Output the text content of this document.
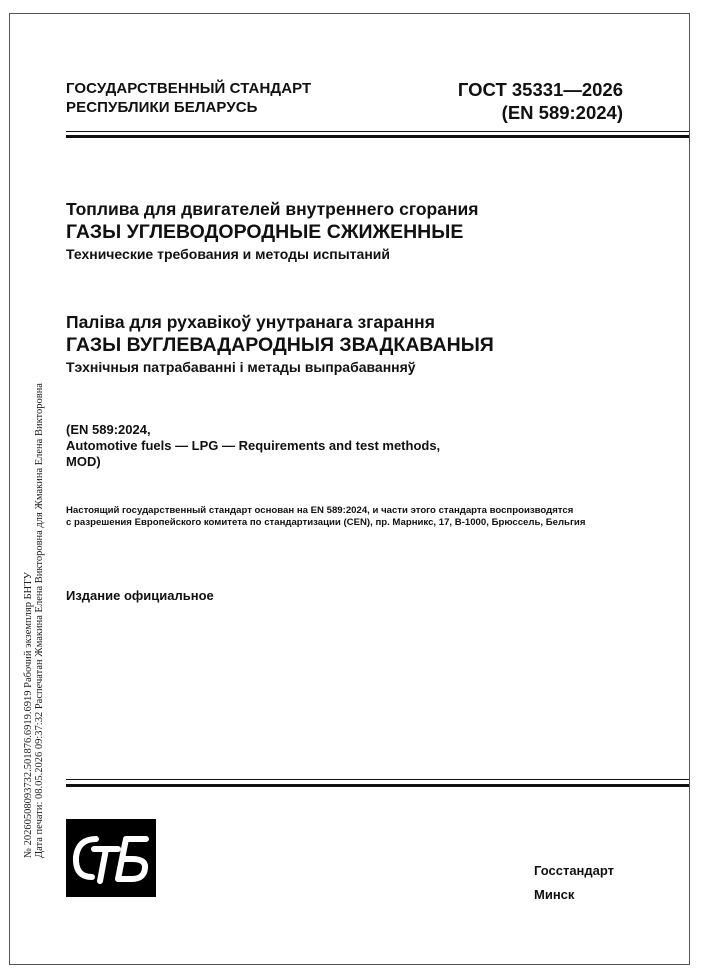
ГОСУДАРСТВЕННЫЙ СТАНДАРТ
РЕСПУБЛИКИ БЕЛАРУСЬ
ГОСТ 35331—2026
(EN 589:2024)
Топлива для двигателей внутреннего сгорания
ГАЗЫ УГЛЕВОДОРОДНЫЕ СЖИЖЕННЫЕ
Технические требования и методы испытаний
Паліва для рухавікоў унутранага згарання
ГАЗЫ ВУГЛЕВАДАРОДНЫЯ ЗВАДКАВАНЫЯ
Тэхнічныя патрабаванні і метады выпрабаванняў
(EN 589:2024,
Automotive fuels — LPG — Requirements and test methods,
MOD)
Настоящий государственный стандарт основан на EN 589:2024, и части этого стандарта воспроизводятся
с разрешения Европейского комитета по стандартизации (CEN), пр. Марникс, 17, B-1000, Брюссель, Бельгия
Издание официальное
№ 20260508093732.501876.6919.6919 Рабочий экземпляр БНТУ Дата печати: 08.05.2026 09:37:32 Распечатан Жмакина Елена Викторовна для Жмакина Елена Викторовна
Госстандарт
Минск
